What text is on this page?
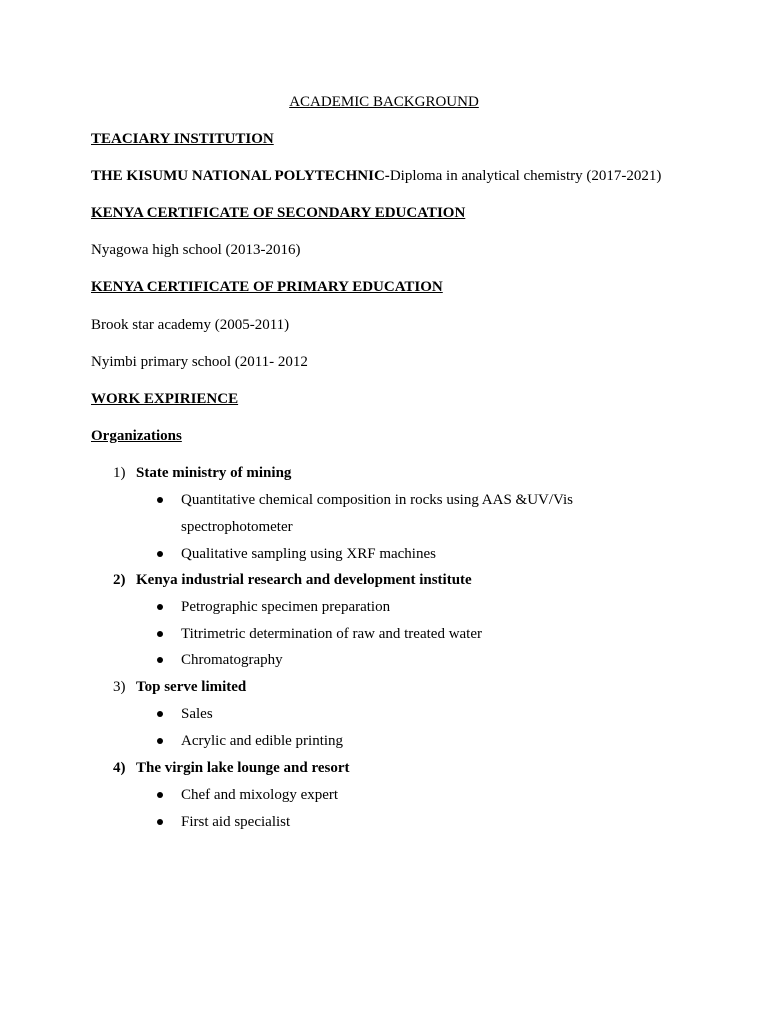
ACADEMIC BACKGROUND
TEACIARY INSTITUTION
THE KISUMU NATIONAL POLYTECHNIC-Diploma in analytical chemistry (2017-2021)
KENYA CERTIFICATE OF SECONDARY EDUCATION
Nyagowa high school (2013-2016)
KENYA CERTIFICATE OF PRIMARY EDUCATION
Brook star academy (2005-2011)
Nyimbi primary school (2011- 2012
WORK EXPIRIENCE
Organizations
1) State ministry of mining
Quantitative chemical composition in rocks using AAS &UV/Vis
spectrophotometer
Qualitative sampling using XRF machines
2) Kenya industrial research and development institute
Petrographic specimen preparation
Titrimetric determination of raw and treated water
Chromatography
3) Top serve limited
Sales
Acrylic and edible printing
4) The virgin lake lounge and resort
Chef and mixology expert
First aid specialist
